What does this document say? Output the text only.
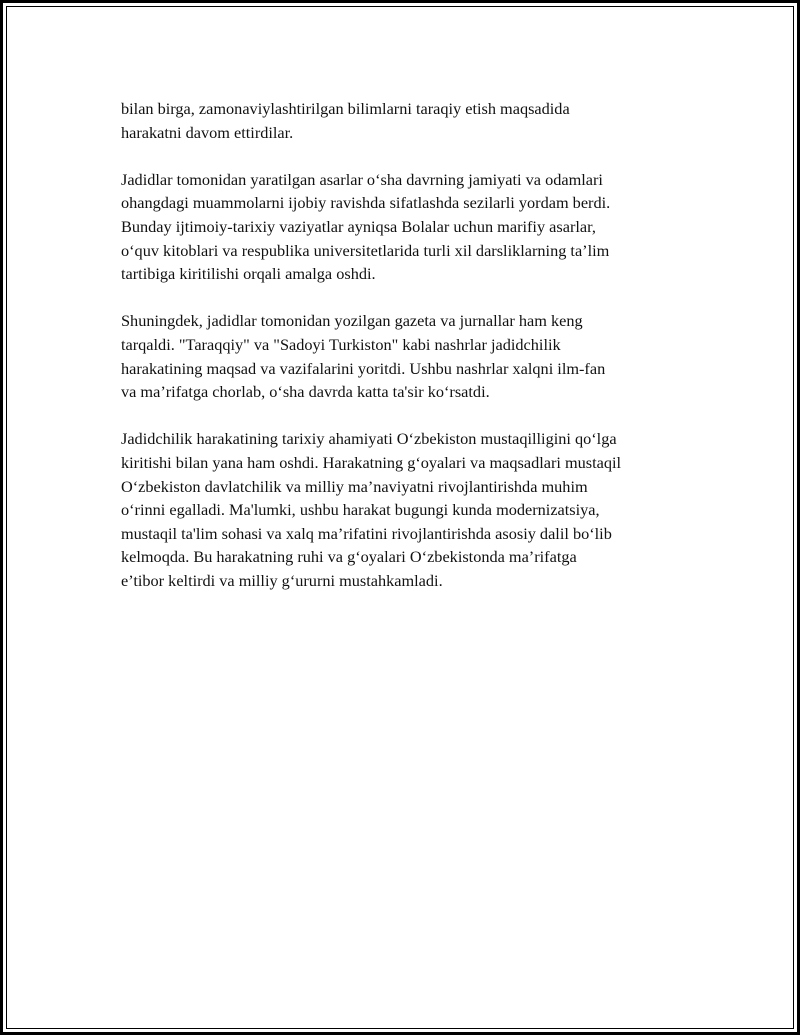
bilan birga, zamonaviylashtirilgan bilimlarni taraqiy etish maqsadida
harakatni davom ettirdilar.

Jadidlar tomonidan yaratilgan asarlar o‘sha davrning jamiyati va odamlari
ohangdagi muammolarni ijobiy ravishda sifatlashda sezilarli yordam berdi.
Bunday ijtimoiy-tarixiy vaziyatlar ayniqsa Bolalar uchun marifiy asarlar,
o‘quv kitoblari va respublika universitetlarida turli xil darsliklarning ta’lim
tartibiga kiritilishi orqali amalga oshdi.

Shuningdek, jadidlar tomonidan yozilgan gazeta va jurnallar ham keng
tarqaldi. "Taraqqiy" va "Sadoyi Turkiston" kabi nashrlar jadidchilik
harakatining maqsad va vazifalarini yoritdi. Ushbu nashrlar xalqni ilm-fan
va ma’rifatga chorlab, o‘sha davrda katta ta'sir ko‘rsatdi.

Jadidchilik harakatining tarixiy ahamiyati O‘zbekiston mustaqilligini qo‘lga
kiritishi bilan yana ham oshdi. Harakatning g‘oyalari va maqsadlari mustaqil
O‘zbekiston davlatchilik va milliy ma’naviyatni rivojlantirishda muhim
o‘rinni egalladi. Ma'lumki, ushbu harakat bugungi kunda modernizatsiya,
mustaqil ta'lim sohasi va xalq ma’rifatini rivojlantirishda asosiy dalil bo‘lib
kelmoqda. Bu harakatning ruhi va g‘oyalari O‘zbekistonda ma’rifatga
e’tibor keltirdi va milliy g‘ururni mustahkamladi.
